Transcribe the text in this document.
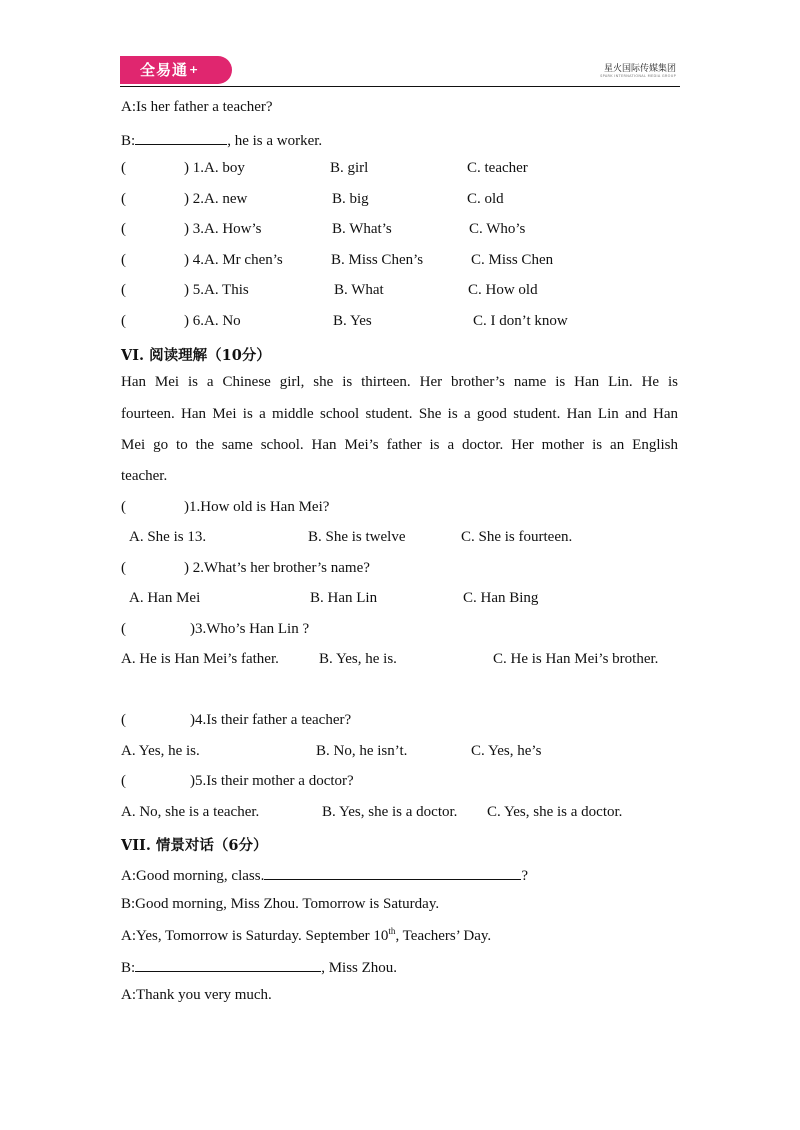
全易通+	星火国际传媒集团
SPARK INTERNATIONAL MEDIA GROUP
A:Is her father a teacher?
B:	, he is a worker.
(	) 1.A. boy	B. girl	C. teacher
(	) 2.A. new	B. big	C. old
(	) 3.A. How’s	B. What’s	C. Who’s
(	) 4.A. Mr chen’s	B. Miss Chen’s	C. Miss Chen
(	) 5.A. This	B. What	C. How old
(	) 6.A. No	B. Yes	C. I don’t know
VI. 阅读理解（10分）
Han Mei is a Chinese girl, she is thirteen. Her brother’s name is Han Lin. He is
fourteen. Han Mei is a middle school student. She is a good student. Han Lin and Han
Mei go to the same school. Han Mei’s father is a doctor. Her mother is an English
teacher.
(	)1.How old is Han Mei?
A. She is 13.	B. She is twelve	C. She is fourteen.
(	) 2.What’s her brother’s name?
A. Han Mei	B. Han Lin	C. Han Bing
(	)3.Who’s Han Lin ?
A. He is Han Mei’s father.	B. Yes, he is.	C. He is Han Mei’s brother.
(	)4.Is their father a teacher?
A. Yes, he is.	B. No, he isn’t.	C. Yes, he’s
(	)5.Is their mother a doctor?
A. No, she is a teacher.	B. Yes, she is a doctor. C. Yes, she is a doctor.
VII. 情景对话（6分）
A:Good morning, class.	?
B:Good morning, Miss Zhou. Tomorrow is Saturday.
A:Yes, Tomorrow is Saturday. September 10th, Teachers’ Day.
B:	, Miss Zhou.
A:Thank you very much.
